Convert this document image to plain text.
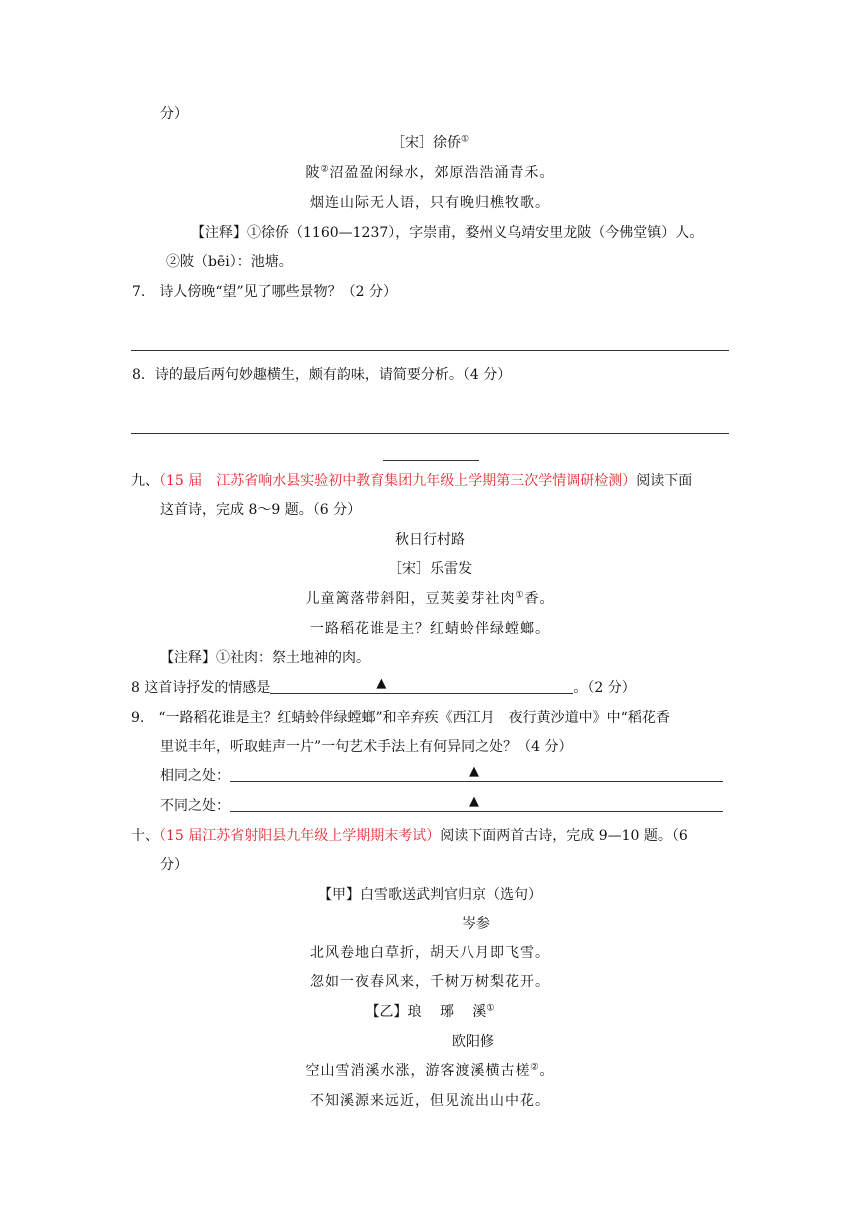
分）
［宋］徐侨①
陂②沼盈盈闲绿水，郊原浩浩涌青禾。
烟连山际无人语，只有晚归樵牧歌。
【注释】①徐侨（1160—1237），字崇甫，婺州义乌靖安里龙陂（今佛堂镇）人。
②陂（bēi）：池塘。
7.　诗人傍晚“望”见了哪些景物？（2 分）
8．诗的最后两句妙趣横生，颇有韵味，请简要分析。（4 分）
九、（15 届　江苏省响水县实验初中教育集团九年级上学期第三次学情调研检测）阅读下面
这首诗，完成 8～9 题。（6 分）
秋日行村路
［宋］乐雷发
儿童篱落带斜阳，豆荚姜芽社肉①香。
一路稻花谁是主？红蜻蛉伴绿螳螂。
【注释】①社肉：祭土地神的肉。
8 这首诗抒发的情感是	▲	。（2 分）
9.　“一路稻花谁是主？红蜻蛉伴绿螳螂”和辛弃疾《西江月　夜行黄沙道中》中“稻花香
里说丰年，听取蛙声一片”一句艺术手法上有何异同之处？（4 分）
相同之处：	▲
不同之处：	▲
十、（15 届江苏省射阳县九年级上学期期末考试）阅读下面两首古诗，完成 9—10 题。（6
分）
【甲】白雪歌送武判官归京（选句）
岑参
北风卷地白草折，胡天八月即飞雪。
忽如一夜春风来，千树万树梨花开。
【乙】琅　 琊　 溪①
欧阳修
空山雪消溪水涨，游客渡溪横古槎②。
不知溪源来远近，但见流出山中花。
